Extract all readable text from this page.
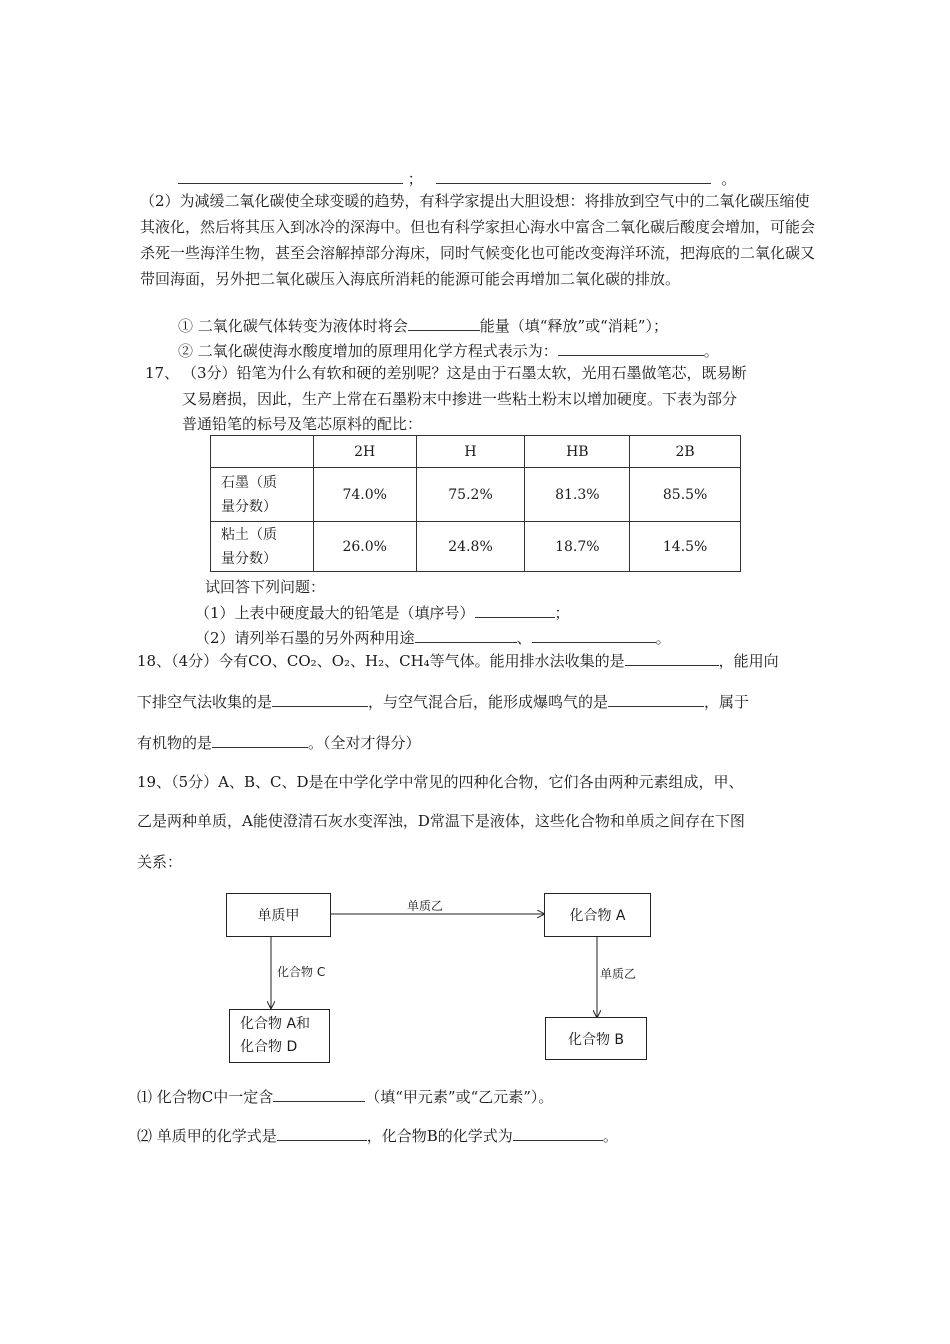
；	。
（2）为减缓二氧化碳使全球变暖的趋势，有科学家提出大胆设想：将排放到空气中的二氧化碳压缩使其液化，然后将其压入到冰冷的深海中。但也有科学家担心海水中富含二氧化碳后酸度会增加，可能会杀死一些海洋生物，甚至会溶解掉部分海床，同时气候变化也可能改变海洋环流，把海底的二氧化碳又带回海面，另外把二氧化碳压入海底所消耗的能源可能会再增加二氧化碳的排放。
① 二氧化碳气体转变为液体时将会	能量（填“释放”或“消耗”）；
② 二氧化碳使海水酸度增加的原理用化学方程式表示为：	。
17、 （3分）铅笔为什么有软和硬的差别呢？这是由于石墨太软，光用石墨做笔芯，既易断
又易磨损，因此，生产上常在石墨粉末中掺进一些粘土粉末以增加硬度。下表为部分
普通铅笔的标号及笔芯原料的配比：
	2H	H	HB	2B

石墨（质
量分数）	74.0%	75.2%	81.3%	85.5%

粘土（质
量分数）	26.0%	24.8%	18.7%	14.5%
试回答下列问题：
（1）上表中硬度最大的铅笔是（填序号）	；
（2）请列举石墨的另外两种用途	、	。
18、（4分）今有CO、CO₂、O₂、H₂、CH₄等气体。能用排水法收集的是	，能用向
下排空气法收集的是	，与空气混合后，能形成爆鸣气的是	，属于
有机物的是	。（全对才得分）
19、（5分）A、B、C、D是在中学化学中常见的四种化合物，它们各由两种元素组成，甲、
乙是两种单质，A能使澄清石灰水变浑浊，D常温下是液体，这些化合物和单质之间存在下图
关系：
单质甲	化合物 A
化合物 A和
化合物 D	化合物 B
单质乙
化合物 C	单质乙
⑴ 化合物C中一定含	（填“甲元素”或“乙元素”）。
⑵ 单质甲的化学式是	，化合物B的化学式为	。
